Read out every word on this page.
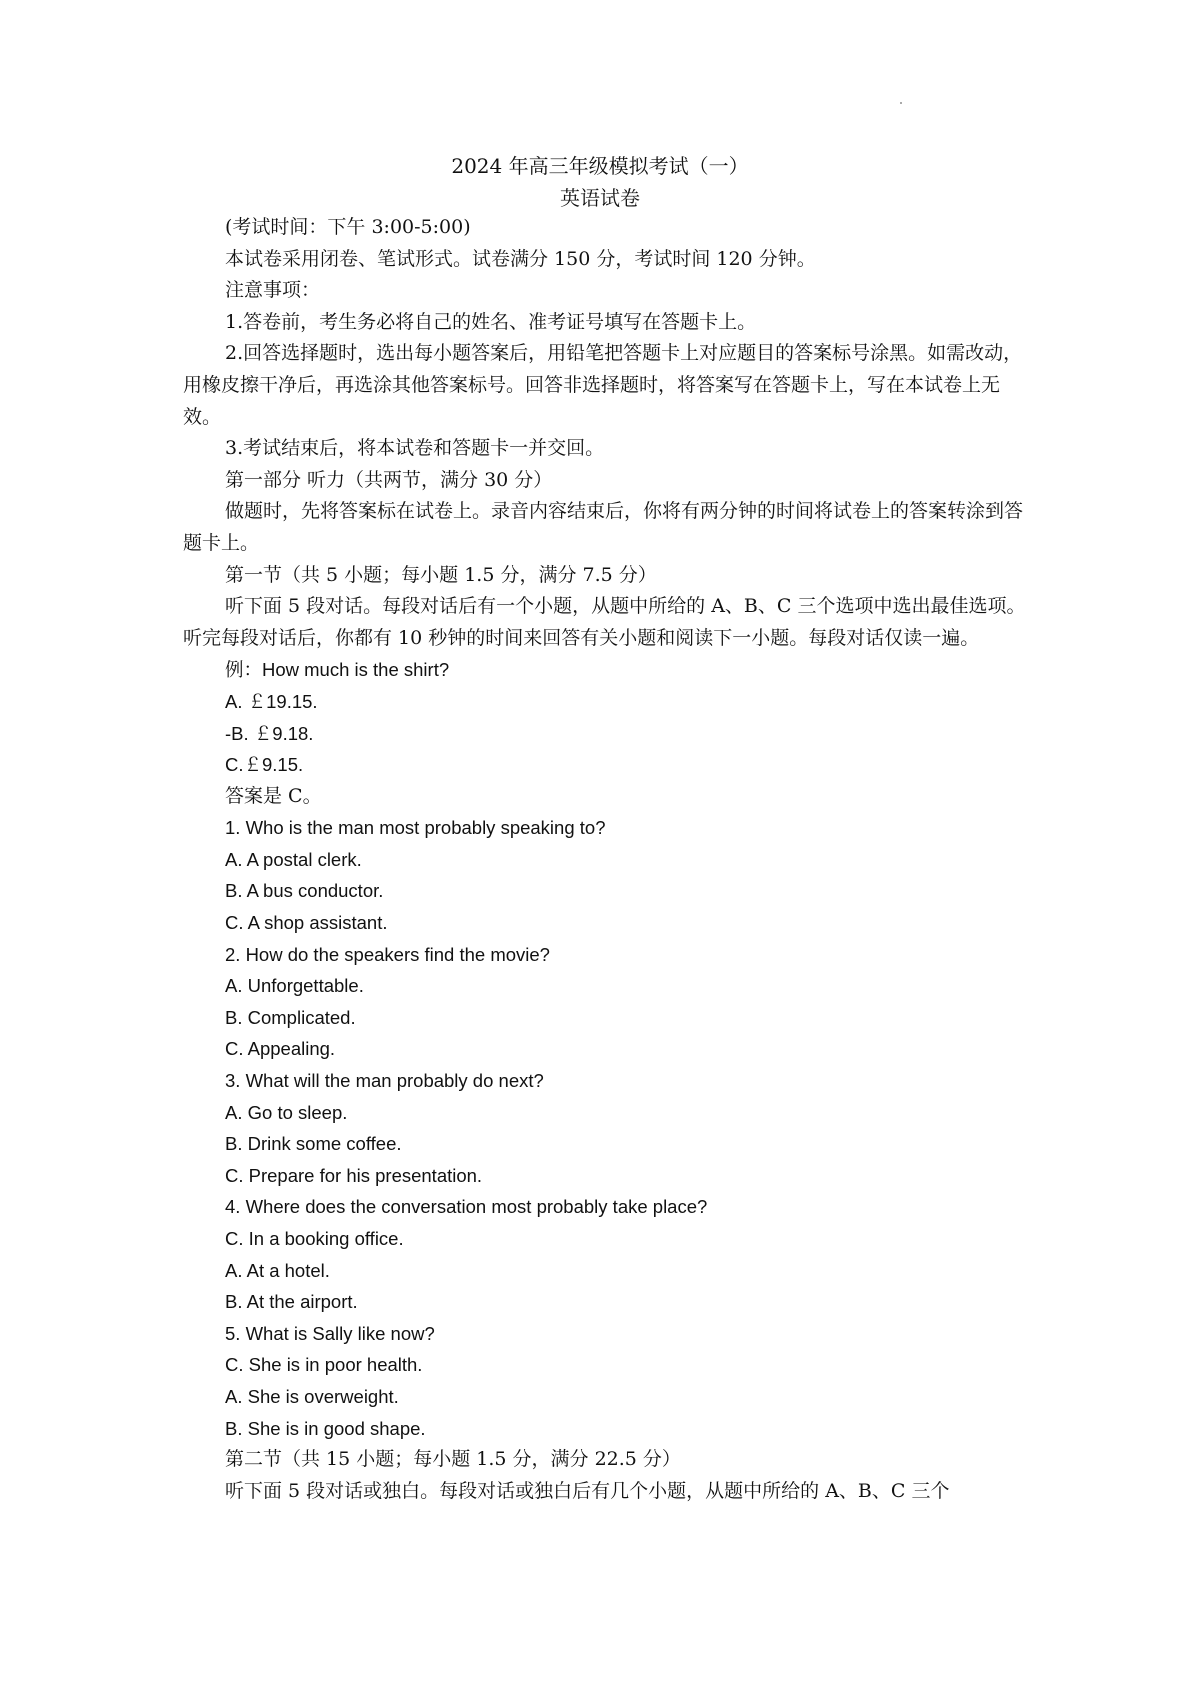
2024 年高三年级模拟考试（一）
英语试卷

(考试时间：下午 3:00-5:00)

本试卷采用闭卷、笔试形式。试卷满分 150 分，考试时间 120 分钟。

注意事项：

1.答卷前，考生务必将自己的姓名、准考证号填写在答题卡上。

2.回答选择题时，选出每小题答案后，用铅笔把答题卡上对应题目的答案标号涂黑。如需改动，用橡皮擦干净后，再选涂其他答案标号。回答非选择题时，将答案写在答题卡上，写在本试卷上无效。

3.考试结束后，将本试卷和答题卡一并交回。

第一部分 听力（共两节，满分 30 分）

做题时，先将答案标在试卷上。录音内容结束后，你将有两分钟的时间将试卷上的答案转涂到答题卡上。

第一节（共 5 小题；每小题 1.5 分，满分 7.5 分）

听下面 5 段对话。每段对话后有一个小题，从题中所给的 A、B、C 三个选项中选出最佳选项。听完每段对话后，你都有 10 秒钟的时间来回答有关小题和阅读下一小题。每段对话仅读一遍。

例：How much is the shirt?

A. ￡19.15.

-B. ￡9.18.

C.￡9.15.

答案是 C。

1. Who is the man most probably speaking to?

A. A postal clerk.

B. A bus conductor.

C. A shop assistant.

2. How do the speakers find the movie?

A. Unforgettable.

B. Complicated.

C. Appealing.

3. What will the man probably do next?

A. Go to sleep.

B. Drink some coffee.

C. Prepare for his presentation.

4. Where does the conversation most probably take place?

C. In a booking office.

A. At a hotel.

B. At the airport.

5. What is Sally like now?

C. She is in poor health.

A. She is overweight.

B. She is in good shape.

第二节（共 15 小题；每小题 1.5 分，满分 22.5 分）

听下面 5 段对话或独白。每段对话或独白后有几个小题，从题中所给的 A、B、C 三个
